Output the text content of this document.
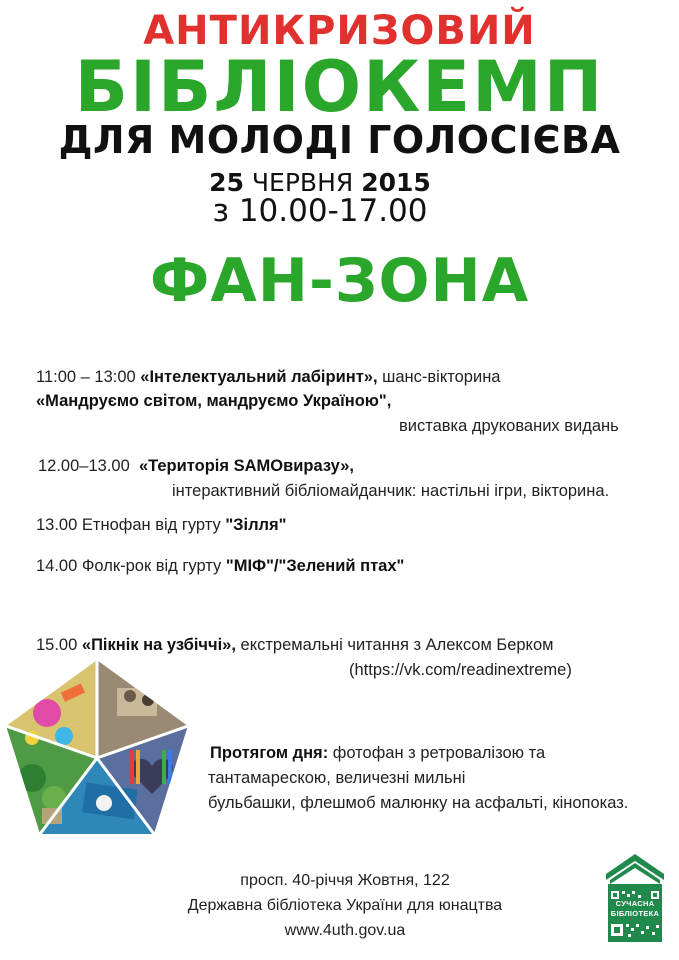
АНТИКРИЗОВИЙ
БІБЛІОКЕМП
ДЛЯ МОЛОДІ ГОЛОСІЄВА
25 ЧЕРВНЯ 2015
з 10.00-17.00
ФАН-ЗОНА
11:00 – 13:00 «Інтелектуальний лабіринт», шанс-вікторина
«Мандруємо світом, мандруємо Україною",
виставка друкованих видань
12.00–13.00 «Територія SAMОвиразу»,
інтерактивний бібліомайданчик: настільні ігри, вікторина.
13.00 Етнофан від гурту "Зілля"
14.00 Фолк-рок від гурту "МІФ"/"Зелений птах"
15.00 «Пікнік на узбіччі», екстремальні читання з Алексом Берком
(https://vk.com/readinextreme)
Протягом дня: фотофан з ретровалізою та
тантамарескою, величезні мильні
бульбашки, флешмоб малюнку на асфальті, кінопоказ.
просп. 40-річчя Жовтня, 122
Державна бібліотека України для юнацтва
www.4uth.gov.ua
СУЧАСНА
БІБЛІОТЕКА
